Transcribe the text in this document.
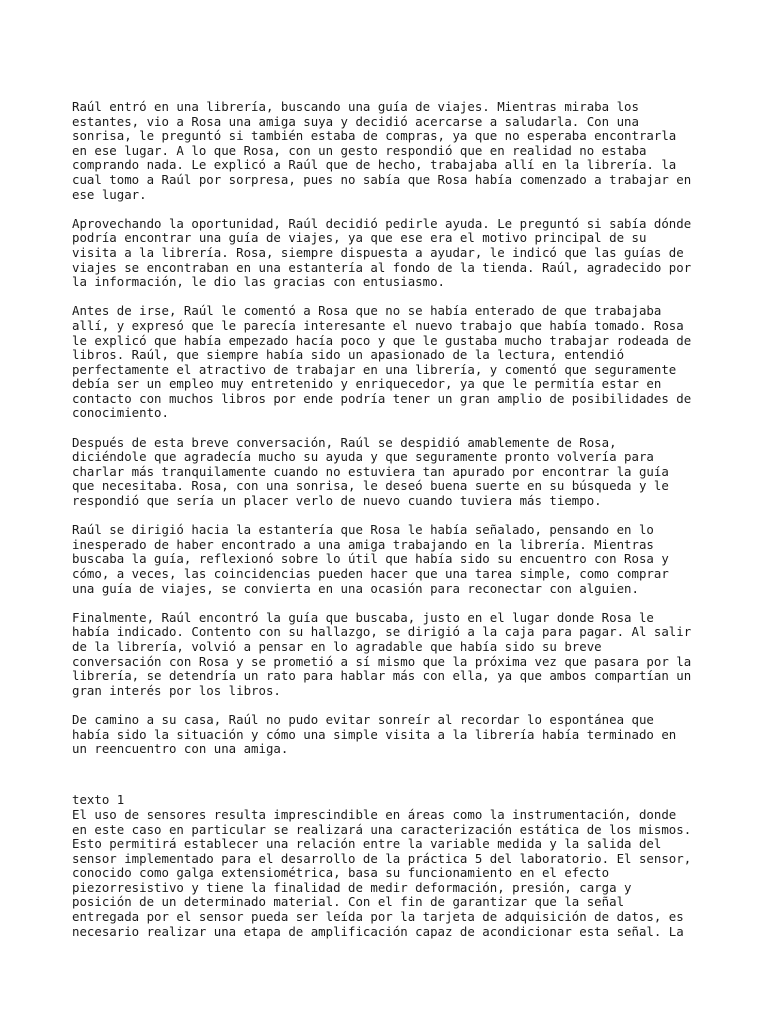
Raúl entró en una librería, buscando una guía de viajes. Mientras miraba los
estantes, vio a Rosa una amiga suya y decidió acercarse a saludarla. Con una
sonrisa, le preguntó si también estaba de compras, ya que no esperaba encontrarla
en ese lugar. A lo que Rosa, con un gesto respondió que en realidad no estaba
comprando nada. Le explicó a Raúl que de hecho, trabajaba allí en la librería. la
cual tomo a Raúl por sorpresa, pues no sabía que Rosa había comenzado a trabajar en
ese lugar.

Aprovechando la oportunidad, Raúl decidió pedirle ayuda. Le preguntó si sabía dónde
podría encontrar una guía de viajes, ya que ese era el motivo principal de su
visita a la librería. Rosa, siempre dispuesta a ayudar, le indicó que las guías de
viajes se encontraban en una estantería al fondo de la tienda. Raúl, agradecido por
la información, le dio las gracias con entusiasmo.

Antes de irse, Raúl le comentó a Rosa que no se había enterado de que trabajaba
allí, y expresó que le parecía interesante el nuevo trabajo que había tomado. Rosa
le explicó que había empezado hacía poco y que le gustaba mucho trabajar rodeada de
libros. Raúl, que siempre había sido un apasionado de la lectura, entendió
perfectamente el atractivo de trabajar en una librería, y comentó que seguramente
debía ser un empleo muy entretenido y enriquecedor, ya que le permitía estar en
contacto con muchos libros por ende podría tener un gran amplio de posibilidades de
conocimiento.

Después de esta breve conversación, Raúl se despidió amablemente de Rosa,
diciéndole que agradecía mucho su ayuda y que seguramente pronto volvería para
charlar más tranquilamente cuando no estuviera tan apurado por encontrar la guía
que necesitaba. Rosa, con una sonrisa, le deseó buena suerte en su búsqueda y le
respondió que sería un placer verlo de nuevo cuando tuviera más tiempo.

Raúl se dirigió hacia la estantería que Rosa le había señalado, pensando en lo
inesperado de haber encontrado a una amiga trabajando en la librería. Mientras
buscaba la guía, reflexionó sobre lo útil que había sido su encuentro con Rosa y
cómo, a veces, las coincidencias pueden hacer que una tarea simple, como comprar
una guía de viajes, se convierta en una ocasión para reconectar con alguien.

Finalmente, Raúl encontró la guía que buscaba, justo en el lugar donde Rosa le
había indicado. Contento con su hallazgo, se dirigió a la caja para pagar. Al salir
de la librería, volvió a pensar en lo agradable que había sido su breve
conversación con Rosa y se prometió a sí mismo que la próxima vez que pasara por la
librería, se detendría un rato para hablar más con ella, ya que ambos compartían un
gran interés por los libros.

De camino a su casa, Raúl no pudo evitar sonreír al recordar lo espontánea que
había sido la situación y cómo una simple visita a la librería había terminado en
un reencuentro con una amiga.

texto 1

El uso de sensores resulta imprescindible en áreas como la instrumentación, donde
en este caso en particular se realizará una caracterización estática de los mismos.
Esto permitirá establecer una relación entre la variable medida y la salida del
sensor implementado para el desarrollo de la práctica 5 del laboratorio. El sensor,
conocido como galga extensiométrica, basa su funcionamiento en el efecto
piezorresistivo y tiene la finalidad de medir deformación, presión, carga y
posición de un determinado material. Con el fin de garantizar que la señal
entregada por el sensor pueda ser leída por la tarjeta de adquisición de datos, es
necesario realizar una etapa de amplificación capaz de acondicionar esta señal. La
